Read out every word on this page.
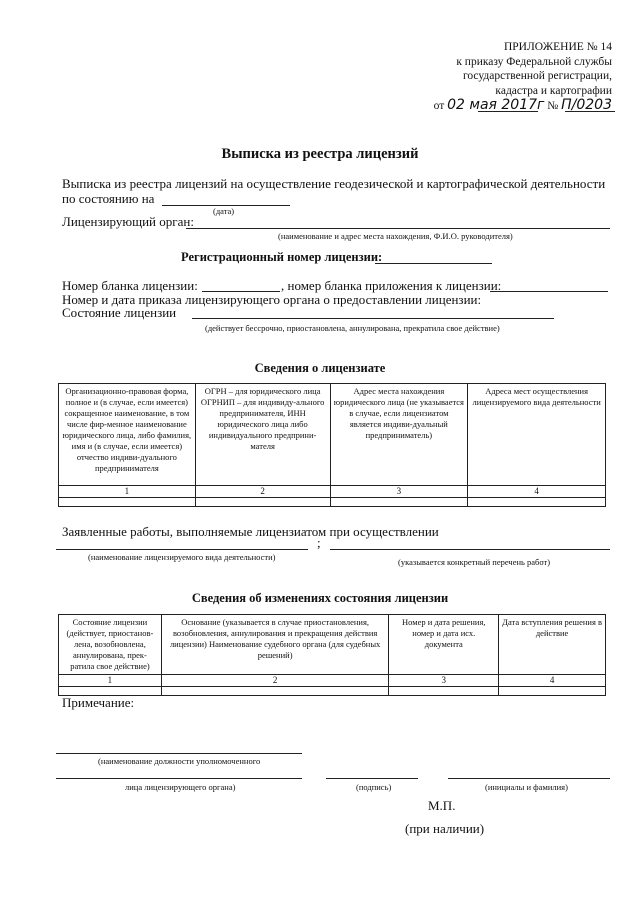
ПРИЛОЖЕНИЕ № 14
к приказу Федеральной службы
государственной регистрации,
кадастра и картографии
от 02 мая 2017г № П/0203
Выписка из реестра лицензий
Выписка из реестра лицензий на осуществление геодезической и картографической деятельности
по состоянию на
(дата)
Лицензирующий орган:
(наименование и адрес места нахождения, Ф.И.О. руководителя)
Регистрационный номер лицензии:
Номер бланка лицензии:	, номер бланка приложения к лицензии:
Номер и дата приказа лицензирующего органа о предоставлении лицензии:
Состояние лицензии
(действует бессрочно, приостановлена, аннулирована, прекратила свое действие)
Сведения о лицензиате
Организационно-правовая форма, полное и (в случае, если имеется) сокращенное наименование, в том числе фир-менное наименование юридического лица, либо фамилия, имя и (в случае, если имеется) отчество индиви-дуального предпринимателя	ОГРН – для юридического лица ОГРНИП – для индивиду-ального предпринимателя, ИНН юридического лица либо индивидуального предприни-мателя	Адрес места нахождения юридического лица (не указывается в случае, если лицензиатом является индиви-дуальный предприниматель)	Адреса мест осуществления лицензируемого вида деятельности
1	2	3	4

Заявленные работы, выполняемые лицензиатом при осуществлении
;
(наименование лицензируемого вида деятельности)	(указывается конкретный перечень работ)
Сведения об изменениях состояния лицензии
Состояние лицензии (действует, приостанов-лена, возобновлена, аннулирована, прек-ратила свое действие)	Основание (указывается в случае приостановления, возобновления, аннулирования и прекращения действия лицензии) Наименование судебного органа (для судебных решений)	Номер и дата решения, номер и дата исх. документа	Дата вступления решения в действие
1	2	3	4

Примечание:
(наименование должности уполномоченного
лица лицензирующего органа)	(подпись)	(инициалы и фамилия)
М.П.
(при наличии)
